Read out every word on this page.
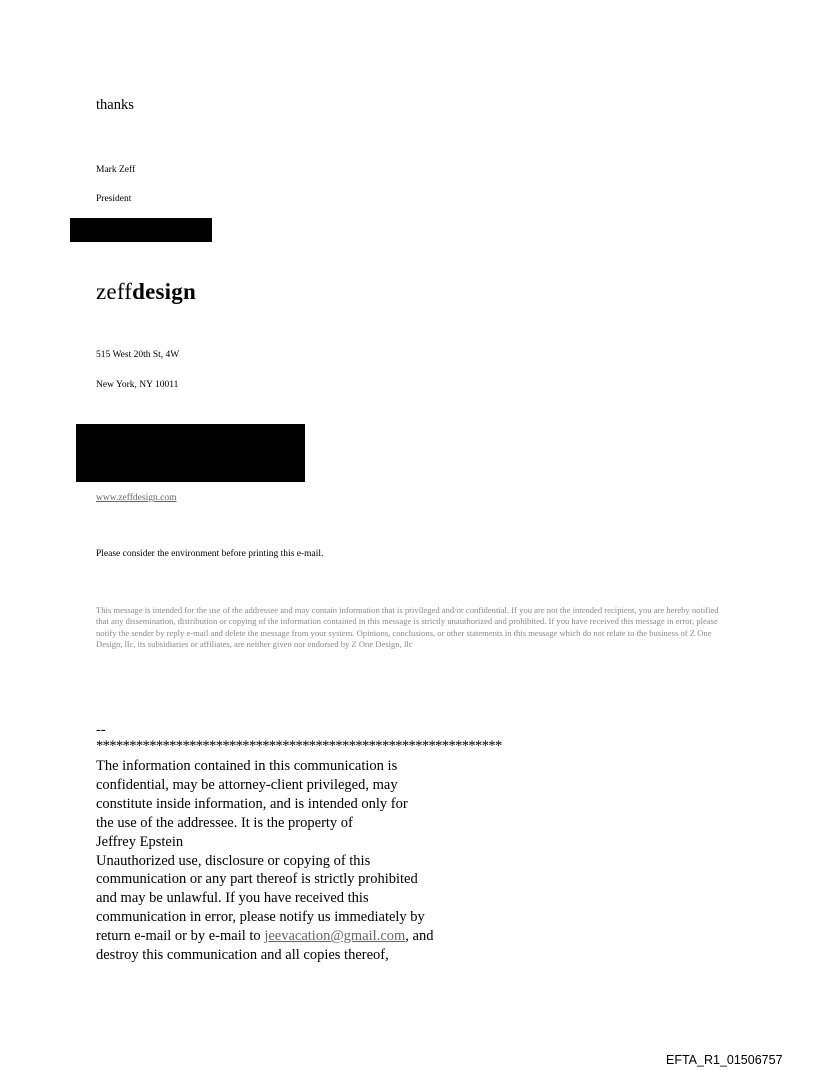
thanks

Mark Zeff

President

zeffdesign

515 West 20th St, 4W

New York, NY 10011

www.zeffdesign.com

Please consider the environment before printing this e-mail.

This message is intended for the use of the addressee and may contain information that is privileged and/or confidential. If you are not the intended recipient, you are hereby notified that any dissemination, distribution or copying of the information contained in this message is strictly unauthorized and prohibited. If you have received this message in error, please notify the sender by reply e-mail and delete the message from your system. Opinions, conclusions, or other statements in this message which do not relate to the business of Z One Design, llc, its subsidiaries or affiliates, are neither given nor endorsed by Z One Design, llc

--

*************************************************************

The information contained in this communication is
confidential, may be attorney-client privileged, may
constitute inside information, and is intended only for
the use of the addressee. It is the property of
Jeffrey Epstein
Unauthorized use, disclosure or copying of this
communication or any part thereof is strictly prohibited
and may be unlawful. If you have received this
communication in error, please notify us immediately by
return e-mail or by e-mail to jeevacation@gmail.com, and
destroy this communication and all copies thereof,

EFTA_R1_01506757
